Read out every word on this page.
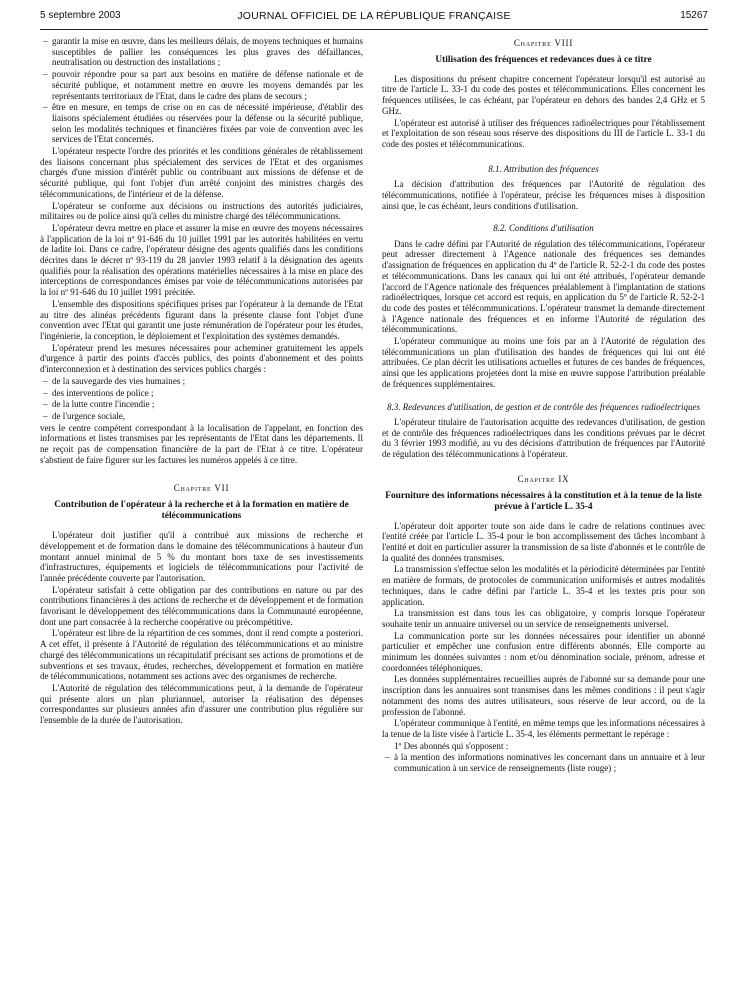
5 septembre 2003	JOURNAL OFFICIEL DE LA RÉPUBLIQUE FRANÇAISE	15267

– garantir la mise en œuvre, dans les meilleurs délais, de moyens techniques et humains susceptibles de pallier les conséquences les plus graves des défaillances, neutralisation ou destruction des installations ;

– pouvoir répondre pour sa part aux besoins en matière de défense nationale et de sécurité publique, et notamment mettre en œuvre les moyens demandés par les représentants territoriaux de l'Etat, dans le cadre des plans de secours ;

– être en mesure, en temps de crise ou en cas de nécessité impérieuse, d'établir des liaisons spécialement étudiées ou réservées pour la défense ou la sécurité publique, selon les modalités techniques et financières fixées par voie de convention avec les services de l'Etat concernés.

L'opérateur respecte l'ordre des priorités et les conditions générales de rétablissement des liaisons concernant plus spécialement des services de l'Etat et des organismes chargés d'une mission d'intérêt public ou contribuant aux missions de défense et de sécurité publique, qui font l'objet d'un arrêté conjoint des ministres chargés des télécommunications, de l'intérieur et de la défense.

L'opérateur se conforme aux décisions ou instructions des autorités judiciaires, militaires ou de police ainsi qu'à celles du ministre chargé des télécommunications.

L'opérateur devra mettre en place et assurer la mise en œuvre des moyens nécessaires à l'application de la loi nº 91-646 du 10 juillet 1991 par les autorités habilitées en vertu de ladite loi. Dans ce cadre, l'opérateur désigne des agents qualifiés dans les conditions décrites dans le décret nº 93-119 du 28 janvier 1993 relatif à la désignation des agents qualifiés pour la réalisation des opérations matérielles nécessaires à la mise en place des interceptions de correspondances émises par voie de télécommunications autorisées par la loi nº 91-646 du 10 juillet 1991 précitée.

L'ensemble des dispositions spécifiques prises par l'opérateur à la demande de l'Etat au titre des alinéas précédents figurant dans la présente clause font l'objet d'une convention avec l'Etat qui garantit une juste rémunération de l'opérateur pour les études, l'ingénierie, la conception, le déploiement et l'exploitation des systèmes demandés.

L'opérateur prend les mesures nécessaires pour acheminer gratuitement les appels d'urgence à partir des points d'accès publics, des points d'abonnement et des points d'interconnexion et à destination des services publics chargés :

– de la sauvegarde des vies humaines ;

– des interventions de police ;

– de la lutte contre l'incendie ;

– de l'urgence sociale,

vers le centre compétent correspondant à la localisation de l'appelant, en fonction des informations et listes transmises par les représentants de l'Etat dans les départements. Il ne reçoit pas de compensation financière de la part de l'Etat à ce titre. L'opérateur s'abstient de faire figurer sur les factures les numéros appelés à ce titre.

Chapitre VII
Contribution de l'opérateur à la recherche et à la formation en matière de télécommunications

L'opérateur doit justifier qu'il a contribué aux missions de recherche et développement et de formation dans le domaine des télécommunications à hauteur d'un montant annuel minimal de 5 % du montant hors taxe de ses investissements d'infrastructures, équipements et logiciels de télécommunications pour l'activité de l'année précédente couverte par l'autorisation.

L'opérateur satisfait à cette obligation par des contributions en nature ou par des contributions financières à des actions de recherche et de développement et de formation favorisant le développement des télécommunications dans la Communauté européenne, dont une part consacrée à la recherche coopérative ou précompétitive.

L'opérateur est libre de la répartition de ces sommes, dont il rend compte a posteriori. A cet effet, il présente à l'Autorité de régulation des télécommunications et au ministre chargé des télécommunications un récapitulatif précisant ses actions de promotions et de subventions et ses travaux, études, recherches, développement et formation en matière de télécommunications, notamment ses actions avec des organismes de recherche.

L'Autorité de régulation des télécommunications peut, à la demande de l'opérateur qui présente alors un plan pluriannuel, autoriser la réalisation des dépenses correspondantes sur plusieurs années afin d'assurer une contribution plus régulière sur l'ensemble de la durée de l'autorisation.

Chapitre VIII
Utilisation des fréquences et redevances dues à ce titre

Les dispositions du présent chapitre concernent l'opérateur lorsqu'il est autorisé au titre de l'article L. 33-1 du code des postes et télécommunications. Elles concernent les fréquences utilisées, le cas échéant, par l'opérateur en dehors des bandes 2,4 GHz et 5 GHz.

L'opérateur est autorisé à utiliser des fréquences radioélectriques pour l'établissement et l'exploitation de son réseau sous réserve des dispositions du III de l'article L. 33-1 du code des postes et télécommunications.

8.1. Attribution des fréquences

La décision d'attribution des fréquences par l'Autorité de régulation des télécommunications, notifiée à l'opérateur, précise les fréquences mises à disposition ainsi que, le cas échéant, leurs conditions d'utilisation.

8.2. Conditions d'utilisation

Dans le cadre défini par l'Autorité de régulation des télécommunications, l'opérateur peut adresser directement à l'Agence nationale des fréquences ses demandes d'assignation de fréquences en application du 4º de l'article R. 52-2-1 du code des postes et télécommunications. Dans les canaux qui lui ont été attribués, l'opérateur demande l'accord de l'Agence nationale des fréquences préalablement à l'implantation de stations radioélectriques, lorsque cet accord est requis, en application du 5º de l'article R. 52-2-1 du code des postes et télécommunications. L'opérateur transmet la demande directement à l'Agence nationale des fréquences et en informe l'Autorité de régulation des télécommunications.

L'opérateur communique au moins une fois par an à l'Autorité de régulation des télécommunications un plan d'utilisation des bandes de fréquences qui lui ont été attribuées. Ce plan décrit les utilisations actuelles et futures de ces bandes de fréquences, ainsi que les applications projetées dont la mise en œuvre suppose l'attribution préalable de fréquences supplémentaires.

8.3. Redevances d'utilisation, de gestion et de contrôle des fréquences radioélectriques

L'opérateur titulaire de l'autorisation acquitte des redevances d'utilisation, de gestion et de contrôle des fréquences radioélectriques dans les conditions prévues par le décret du 3 février 1993 modifié, au vu des décisions d'attribution de fréquences par l'Autorité de régulation des télécommunications à l'opérateur.

Chapitre IX
Fourniture des informations nécessaires à la constitution et à la tenue de la liste prévue à l'article L. 35-4

L'opérateur doit apporter toute son aide dans le cadre de relations continues avec l'entité créée par l'article L. 35-4 pour le bon accomplissement des tâches incombant à l'entité et doit en particulier assurer la transmission de sa liste d'abonnés et le contrôle de la qualité des données transmises.

La transmission s'effectue selon les modalités et la périodicité déterminées par l'entité en matière de formats, de protocoles de communication uniformisés et autres modalités techniques, dans le cadre défini par l'article L. 35-4 et les textes pris pour son application.

La transmission est dans tous les cas obligatoire, y compris lorsque l'opérateur souhaite tenir un annuaire universel ou un service de renseignements universel.

La communication porte sur les données nécessaires pour identifier un abonné particulier et empêcher une confusion entre différents abonnés. Elle comporte au minimum les données suivantes : nom et/ou dénomination sociale, prénom, adresse et coordonnées téléphoniques.

Les données supplémentaires recueillies auprès de l'abonné sur sa demande pour une inscription dans les annuaires sont transmises dans les mêmes conditions : il peut s'agir notamment des noms des autres utilisateurs, sous réserve de leur accord, ou de la profession de l'abonné.

L'opérateur communique à l'entité, en même temps que les informations nécessaires à la tenue de la liste visée à l'article L. 35-4, les éléments permettant le repérage :

1º Des abonnés qui s'opposent :

– à la mention des informations nominatives les concernant dans un annuaire et à leur communication à un service de renseignements (liste rouge) ;
